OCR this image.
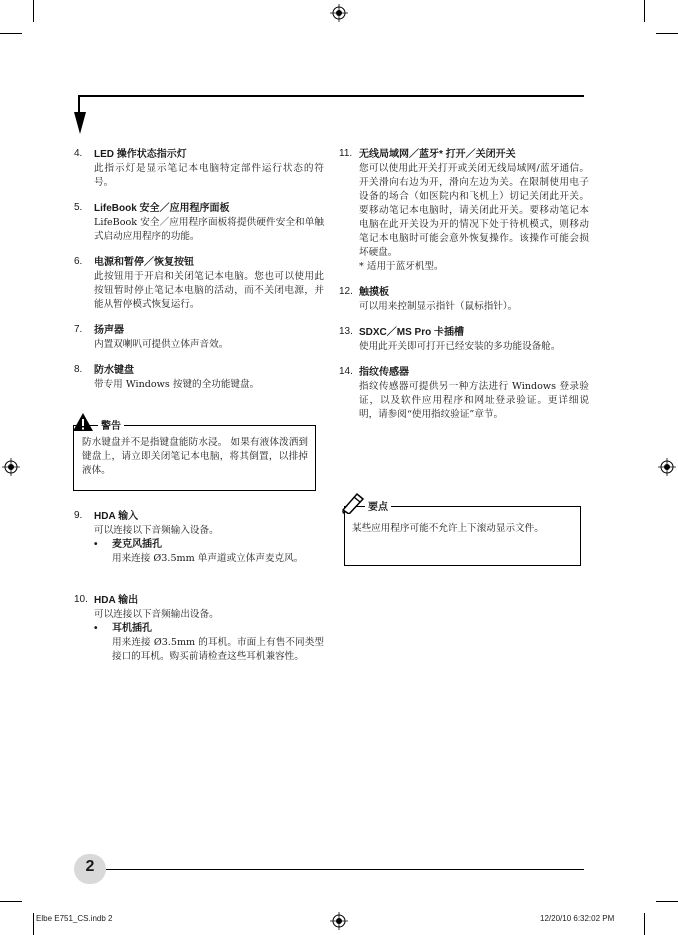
4.	LED 操作状态指示灯
此指示灯是显示笔记本电脑特定部件运行状态的符号。
5.	LifeBook 安全／应用程序面板
LifeBook 安全／应用程序面板将提供硬件安全和单触式启动应用程序的功能。
6.	电源和暂停／恢复按钮
此按钮用于开启和关闭笔记本电脑。您也可以使用此按钮暂时停止笔记本电脑的活动，而不关闭电源，并能从暂停模式恢复运行。
7.	扬声器
内置双喇叭可提供立体声音效。
8.	防水键盘
带专用 Windows 按键的全功能键盘。
警告
防水键盘并不是指键盘能防水浸。 如果有液体泼洒到键盘上，请立即关闭笔记本电脑，将其倒置，以排掉液体。
9.	HDA 输入
可以连接以下音频输入设备。
• 麦克风插孔
用来连接 Ø3.5mm 单声道或立体声麦克风。
10. HDA 输出
可以连接以下音频输出设备。
• 耳机插孔
用来连接 Ø3.5mm 的耳机。市面上有售不同类型接口的耳机。购买前请检查这些耳机兼容性。
11. 无线局域网／蓝牙* 打开／关闭开关
您可以使用此开关打开或关闭无线局域网/蓝牙通信。开关滑向右边为开，滑向左边为关。在限制使用电子设备的场合（如医院内和飞机上）切记关闭此开关。要移动笔记本电脑时，请关闭此开关。要移动笔记本电脑在此开关设为开的情况下处于待机模式，则移动笔记本电脑时可能会意外恢复操作。该操作可能会损坏硬盘。
* 适用于蓝牙机型。
12. 触摸板
可以用来控制显示指针（鼠标指针）。
13. SDXC／MS Pro 卡插槽
使用此开关即可打开已经安装的多功能设备舱。
14. 指纹传感器
指纹传感器可提供另一种方法进行 Windows 登录验证，以及软件应用程序和网址登录验证。更详细说明，请参阅“使用指纹验证”章节。
要点
某些应用程序可能不允许上下滚动显示文件。
2
Elbe E751_CS.indb 2	12/20/10 6:32:02 PM
